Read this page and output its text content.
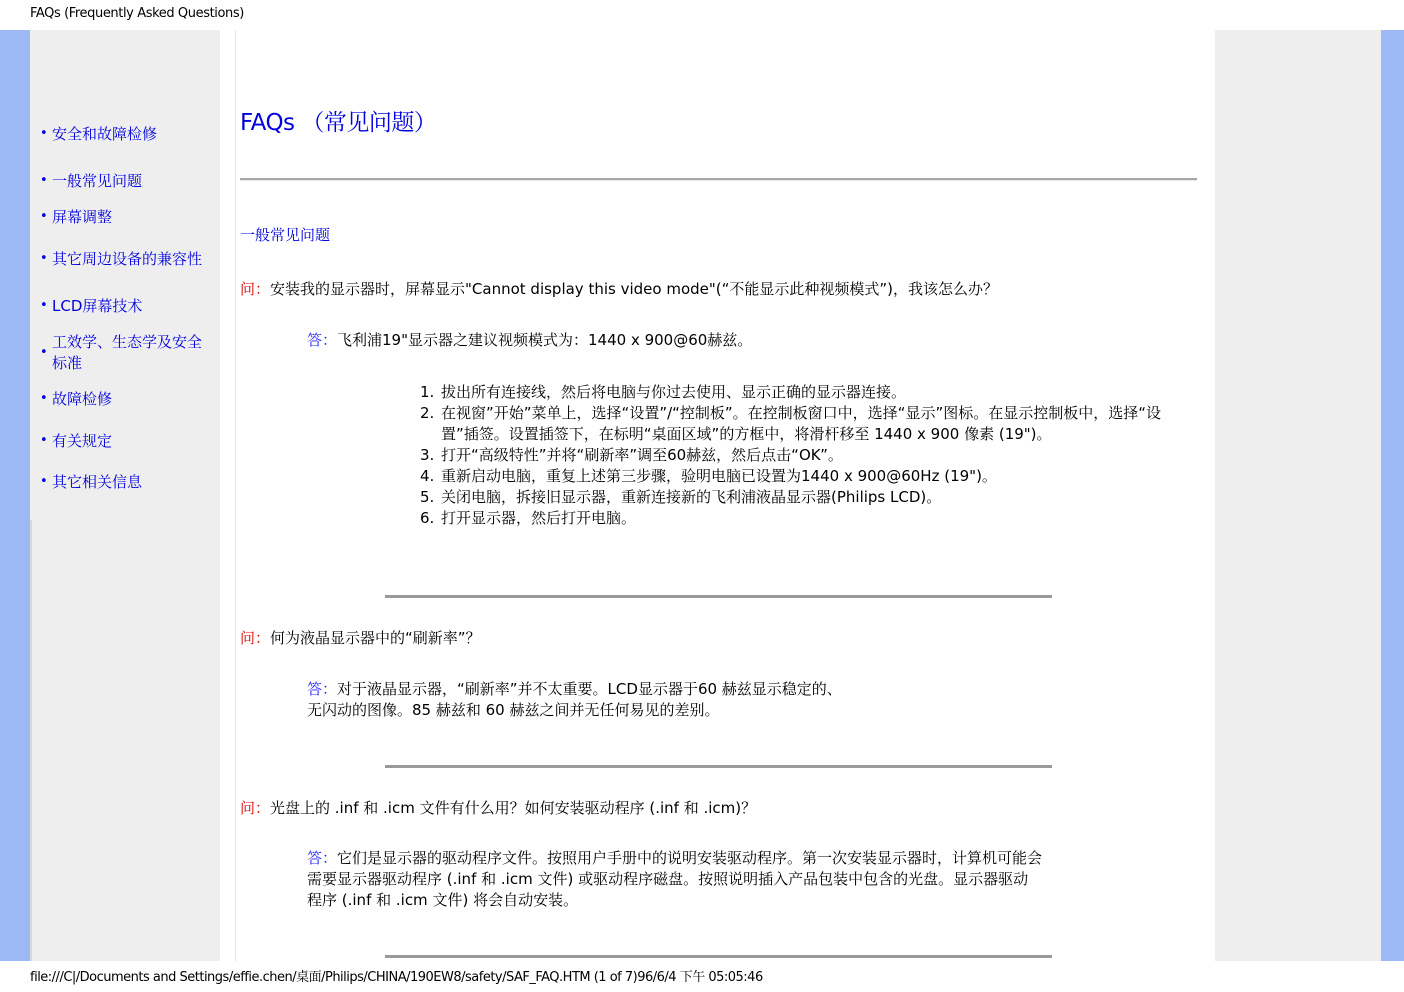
FAQs (Frequently Asked Questions)
• 安全和故障检修
• 一般常见问题
• 屏幕调整
• 其它周边设备的兼容性
• LCD屏幕技术
•
工效学、生态学及安全标准
• 故障检修
• 有关规定
• 其它相关信息
FAQs （常见问题）
一般常见问题
问：安装我的显示器时，屏幕显示"Cannot display this video mode"(“不能显示此种视频模式”)，我该怎么办？
答：飞利浦19"显示器之建议视频模式为：1440 x 900@60赫兹。
1. 拔出所有连接线，然后将电脑与你过去使用、显示正确的显示器连接。
2. 在视窗”开始”菜单上，选择“设置”/“控制板”。在控制板窗口中，选择“显示”图标。在显示控制板中，选择“设置”插签。设置插签下，在标明“桌面区域”的方框中，将滑杆移至 1440 x 900 像素 (19")。
3. 打开“高级特性”并将“刷新率”调至60赫兹，然后点击“OK”。
4. 重新启动电脑，重复上述第三步骤，验明电脑已设置为1440 x 900@60Hz (19")。
5. 关闭电脑，拆接旧显示器，重新连接新的飞利浦液晶显示器(Philips LCD)。
6. 打开显示器，然后打开电脑。
问：何为液晶显示器中的“刷新率”？
答：对于液晶显示器，“刷新率”并不太重要。LCD显示器于60 赫兹显示稳定的、
无闪动的图像。85 赫兹和 60 赫兹之间并无任何易见的差别。
问：光盘上的 .inf 和 .icm 文件有什么用？如何安装驱动程序 (.inf 和 .icm)？
答：它们是显示器的驱动程序文件。按照用户手册中的说明安装驱动程序。第一次安装显示器时，计算机可能会
需要显示器驱动程序 (.inf 和 .icm 文件) 或驱动程序磁盘。按照说明插入产品包装中包含的光盘。显示器驱动
程序 (.inf 和 .icm 文件) 将会自动安装。
file:///C|/Documents and Settings/effie.chen/桌面/Philips/CHINA/190EW8/safety/SAF_FAQ.HTM (1 of 7)96/6/4 下午 05:05:46
